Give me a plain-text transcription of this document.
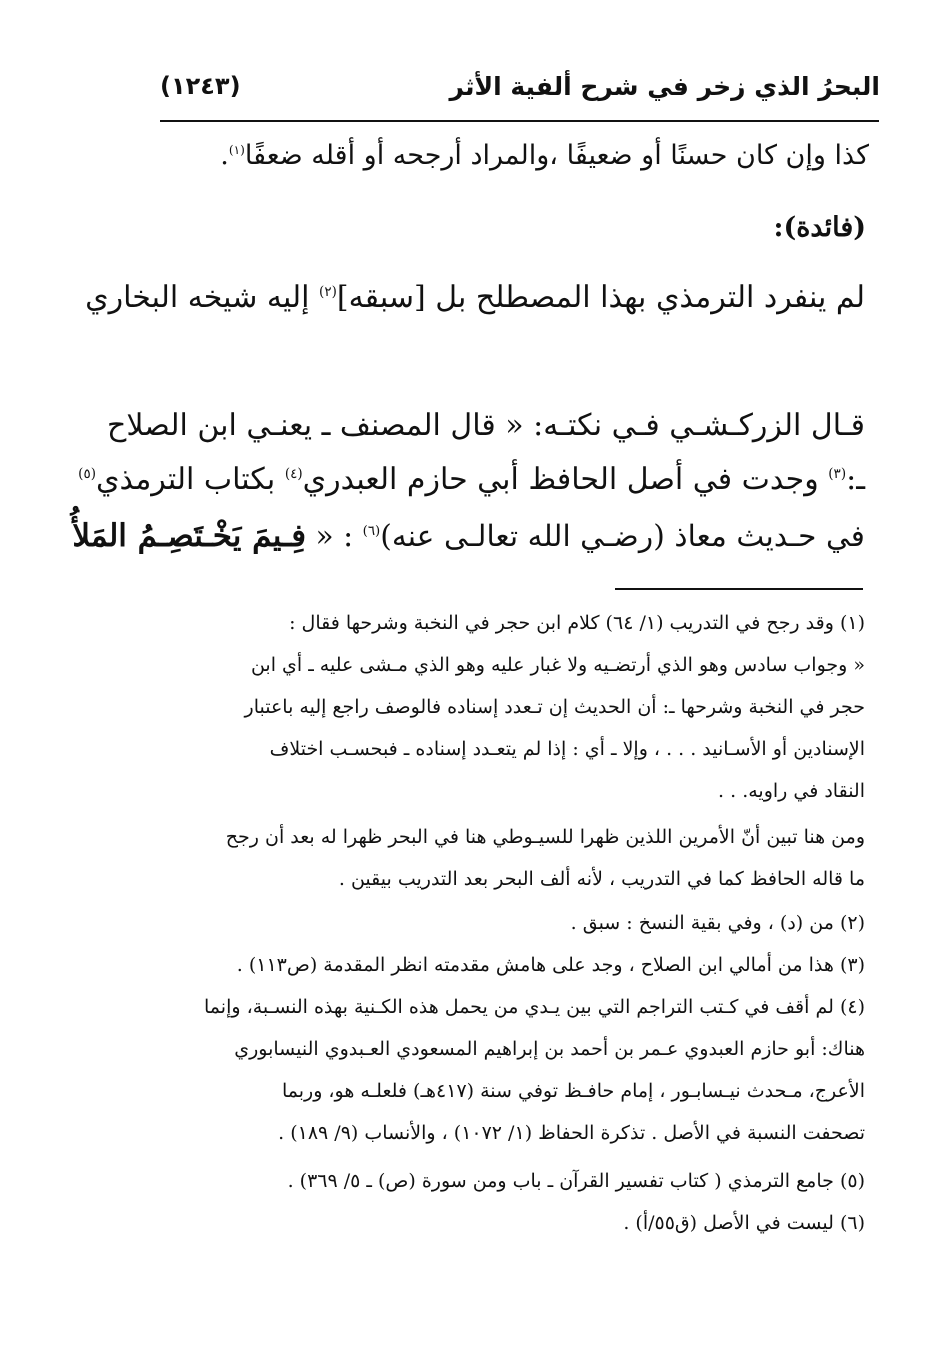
البحرُ الذي زخر في شرح ألفية الأثر
(١٢٤٣)
كذا وإن كان حسنًا أو ضعيفًا ،والمراد أرجحه أو أقله ضعفًا$^{(١)}$.
(فائدة):
لم ينفرد الترمذي بهذا المصطلح بل [سبقه]$^{(٢)}$ إليه شيخه البخاري
قـال الزركـشـي فـي نكتـه: « قال المصنف ـ يعنـي ابن الصلاح
ـ:$^{(٣)}$ وجدت في أصل الحافظ أبي حازم العبدري$^{(٤)}$ بكتاب الترمذي$^{(٥)}$
في حـديث معاذ (رضـي الله تعالـى عنه)$^{(٦)}$ : « فِـيمَ يَخْـتَصِـمُ المَلأُ
(١) وقد رجح في التدريب (١/ ٦٤) كلام ابن حجر في النخبة وشرحها فقال :
« وجواب سادس وهو الذي أرتضـيه ولا غبار عليه وهو الذي مـشى عليه ـ أي ابن
حجر في النخبة وشرحها ـ: أن الحديث إن تـعدد إسناده فالوصف راجع إليه باعتبار
الإسنادين أو الأسـانيد . . . ، وإلا ـ أي : إذا لم يتعـدد إسناده ـ فبحسـب اختلاف
النقاد في راويه. . .
ومن هنا تبين أنّ الأمرين اللذين ظهرا للسيـوطي هنا في البحر ظهرا له بعد أن رجح
ما قاله الحافظ كما في التدريب ، لأنه ألف البحر بعد التدريب بيقين .
(٢) من (د) ، وفي بقية النسخ : سبق .
(٣) هذا من أمالي ابن الصلاح ، وجد على هامش مقدمته انظر المقدمة (ص١١٣) .
(٤) لم أقف في كـتب التراجم التي بين يـدي من يحمل هذه الكـنية بهذه النسـبة، وإنما
هناك: أبو حازم العبدوي عـمر بن أحمد بن إبراهيم المسعودي العـبدوي النيسابوري
الأعرج، مـحدث نيـسابـور ، إمام حافـظ توفي سنة (٤١٧هـ) فلعلـه هو، وربما
تصحفت النسبة في الأصل . تذكرة الحفاظ (١/ ١٠٧٢) ، والأنساب (٩/ ١٨٩) .
(٥) جامع الترمذي ( كتاب تفسير القرآن ـ باب ومن سورة (ص) ـ ٥/ ٣٦٩) .
(٦) ليست في الأصل (ق٥٥/أ) .
